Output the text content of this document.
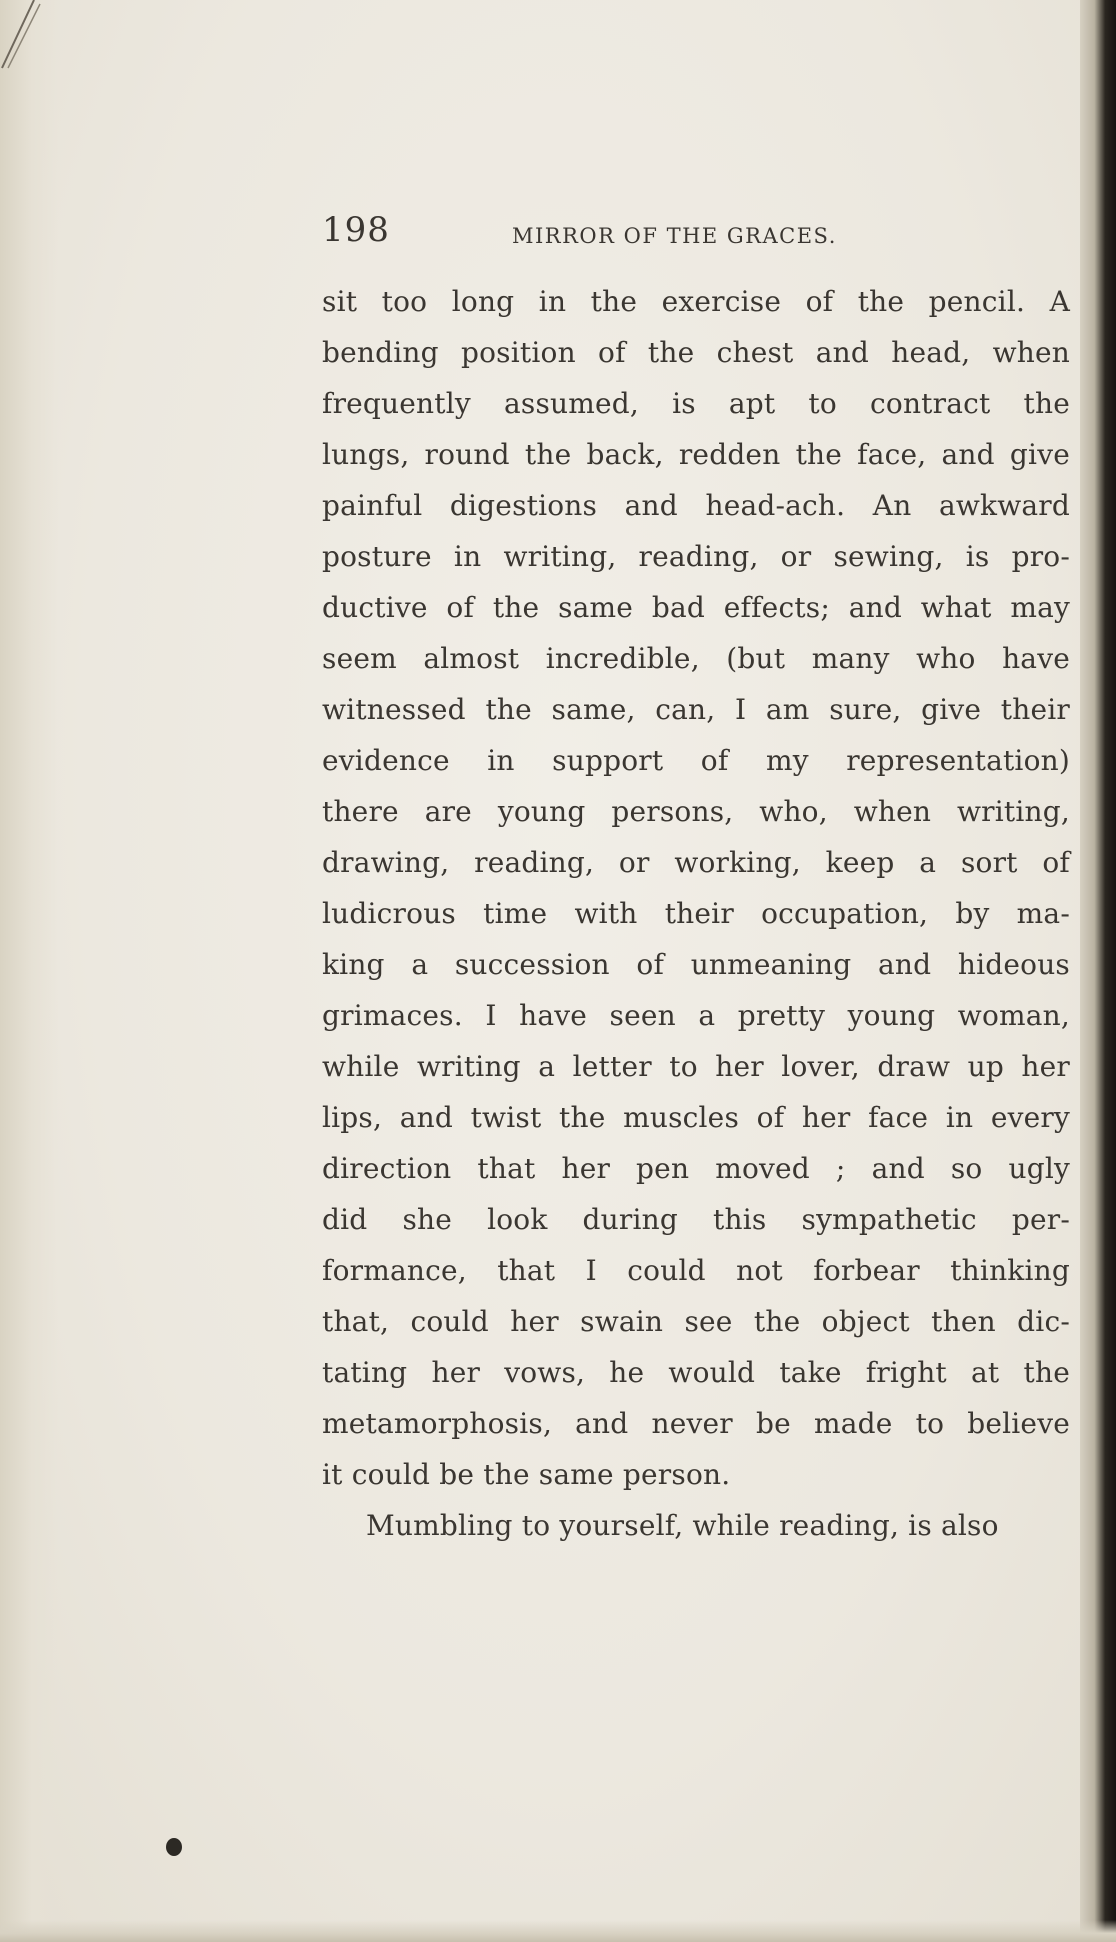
198	MIRROR OF THE GRACES.
sit too long in the exercise of the pencil. A
bending position of the chest and head, when
frequently assumed, is apt to contract the
lungs, round the back, redden the face, and give
painful digestions and head-ach. An awkward
posture in writing, reading, or sewing, is pro-
ductive of the same bad effects; and what may
seem almost incredible, (but many who have
witnessed the same, can, I am sure, give their
evidence in support of my representation)
there are young persons, who, when writing,
drawing, reading, or working, keep a sort of
ludicrous time with their occupation, by ma-
king a succession of unmeaning and hideous
grimaces. I have seen a pretty young woman,
while writing a letter to her lover, draw up her
lips, and twist the muscles of her face in every
direction that her pen moved ; and so ugly
did she look during this sympathetic per-
formance, that I could not forbear thinking
that, could her swain see the object then dic-
tating her vows, he would take fright at the
metamorphosis, and never be made to believe
it could be the same person.
Mumbling to yourself, while reading, is also
